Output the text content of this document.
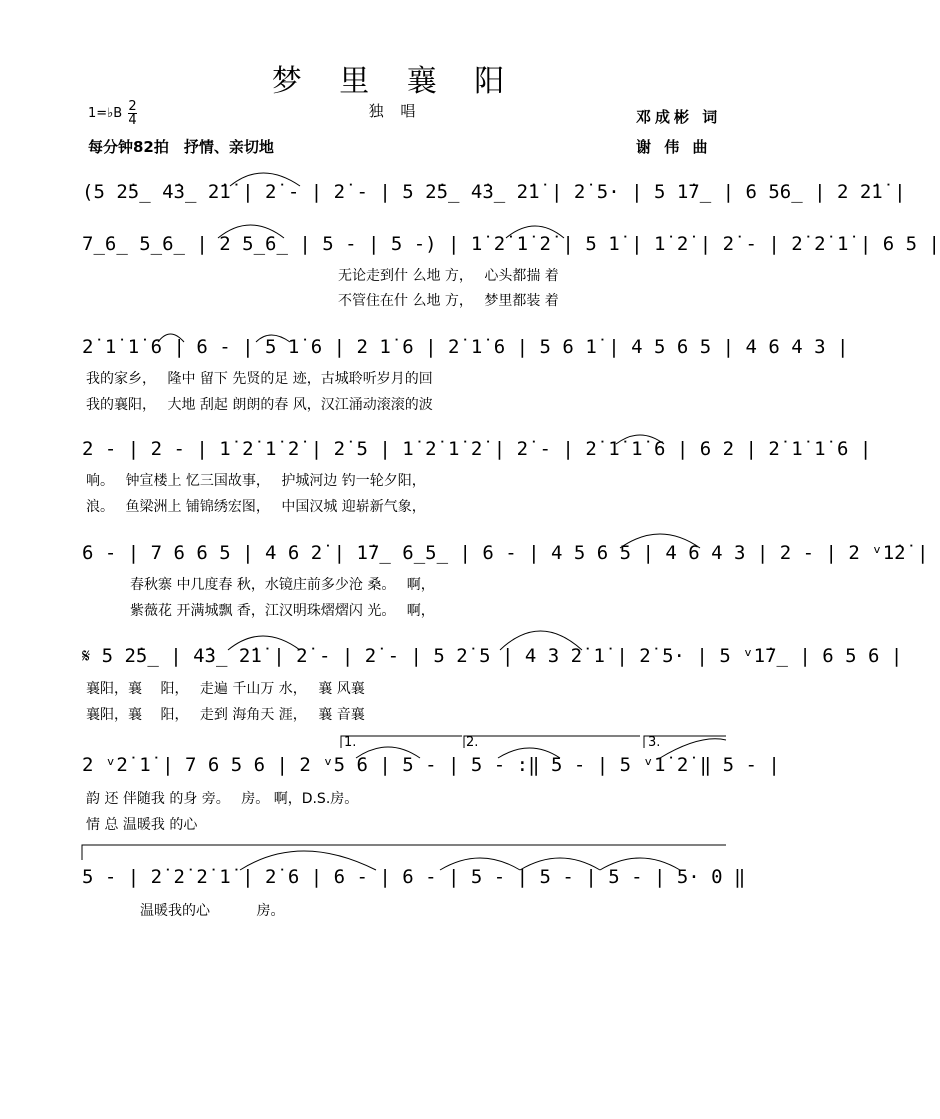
梦 里 襄 阳
独 唱
1=♭B $\frac{2}{4}$
每分钟82拍　抒情、亲切地
邓成彬 词
谢 伟 曲
(5 2̇5̲ 4̇3̲ 2̇1̇ | 2̇ - | 2̇ - | 5 2̇5̲ 4̇3̲ 2̇1̇ | 2̇ 5· | 5 1̇7̲ | 6 56̲ | 2 2̇1̇ |
7̲6̲ 5̲6̲ | 2 5̲6̲ | 5 - | 5 -) | 1̇ 2̇ 1̇ 2̇ | 5 1̇ | 1̇ 2̇ | 2̇ - | 2̇ 2̇ 1̇ | 6 5 |
无论走到什 么地 方，　 心头都揣 着
不管住在什 么地 方，　 梦里都装 着
2̇ 1̇ 1̇ 6 | 6 - | 5 1̇ 6 | 2 1̇ 6 | 2̇ 1̇ 6 | 5 6 1̇ | 4 5 6 5 | 4 6 4 3 |
我的家乡，　 隆中 留下 先贤的足 迹，古城聆听岁月的回
我的襄阳，　 大地 刮起 朗朗的春 风，汉江涌动滚滚的波
2 - | 2 - | 1̇ 2̇ 1̇ 2̇ | 2̇ 5 | 1̇ 2̇ 1̇ 2̇ | 2̇ - | 2̇ 1̇ 1̇ 6 | 6 2 | 2̇ 1̇ 1̇ 6 |
响。　 钟宣楼上 忆三国故事，　 护城河边 钓一轮夕阳，
浪。　 鱼梁洲上 铺锦绣宏图，　 中国汉城 迎崭新气象，
6 - | 7 6 6 5 | 4 6 2̇ | 1̇7̲ 6̲5̲ | 6 - | 4 5 6 5 | 4 6 4 3 | 2 - | 2 ᵛ1̇2̇ |
春秋寨 中几度春 秋，水镜庄前多少沧 桑。　 啊，
紫薇花 开满城飘 香，江汉明珠熠熠闪 光。　 啊，
𝄋 5 2̇5̲ | 4̇3̲ 2̇1̇ | 2̇ - | 2̇ - | 5 2̇ 5 | 4 3 2̇ 1̇ | 2̇ 5· | 5 ᵛ1̇7̲ | 6 5 6 |
襄阳，襄　 阳，　 走遍 千山万 水，　 襄 风襄
襄阳，襄　 阳，　 走到 海角天 涯，　 襄 音襄
1.	2.	3.
2 ᵛ2̇ 1̇ | 7 6 5 6 | 2 ᵛ5 6 | 5 - | 5 - :‖ 5 - | 5 ᵛ1̇ 2̇ ‖ 5 - |
韵 还 伴随我 的身 旁。　 房。 啊，D.S.房。
情 总 温暖我 的心
5 - | 2̇ 2̇ 2̇ 1̇ | 2̇ 6 | 6 - | 6 - | 5 - | 5 - | 5 - | 5· 0 ‖
温暖我的心　　　 房。
